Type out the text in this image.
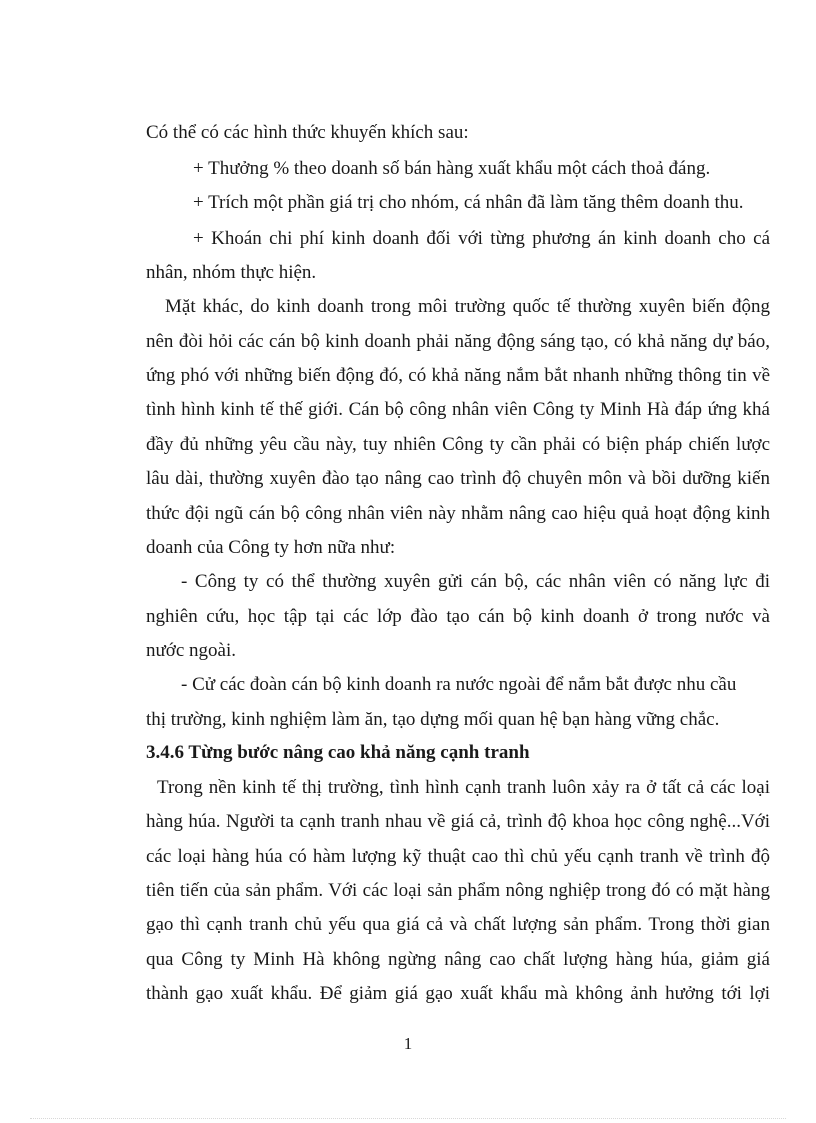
Có thể có các hình thức khuyến khích sau:
+ Thưởng % theo doanh số bán hàng xuất khẩu một cách thoả đáng.
+ Trích một phần giá trị cho nhóm, cá nhân đã làm tăng thêm doanh thu.
+ Khoán chi phí kinh doanh đối với từng phương án kinh doanh cho cá
nhân, nhóm thực hiện.
Mặt khác, do kinh doanh trong môi trường quốc tế thường xuyên biến động
nên đòi hỏi các cán bộ kinh doanh phải năng động sáng tạo, có khả năng dự báo,
ứng phó với những biến động đó, có khả năng nắm bắt nhanh những thông tin về
tình hình kinh tế thế giới. Cán bộ công nhân viên Công ty Minh Hà đáp ứng khá
đầy đủ những yêu cầu này, tuy nhiên Công ty cần phải có biện pháp chiến lược
lâu dài, thường xuyên đào tạo nâng cao trình độ chuyên môn và bồi dưỡng kiến
thức đội ngũ cán bộ công nhân viên này nhằm nâng cao hiệu quả hoạt động kinh
doanh của Công ty hơn nữa như:
- Công ty có thể thường xuyên gửi cán bộ, các nhân viên có năng lực đi
nghiên cứu, học tập tại các lớp đào tạo cán bộ kinh doanh ở trong nước và
nước ngoài.
- Cử các đoàn cán bộ kinh doanh ra nước ngoài để nắm bắt được nhu cầu
thị trường, kinh nghiệm làm ăn, tạo dựng mối quan hệ bạn hàng vững chắc.
3.4.6 Từng bước nâng cao khả năng cạnh tranh
Trong nền kinh tế thị trường, tình hình cạnh tranh luôn xảy ra ở tất cả các loại
hàng húa. Người ta cạnh tranh nhau về giá cả, trình độ khoa học công nghệ...Với
các loại hàng húa có hàm lượng kỹ thuật cao thì chủ yếu cạnh tranh về trình độ
tiên tiến của sản phẩm. Với các loại sản phẩm nông nghiệp trong đó có mặt hàng
gạo thì cạnh tranh chủ yếu qua giá cả và chất lượng sản phẩm. Trong thời gian
qua Công ty Minh Hà không ngừng nâng cao chất lượng hàng húa, giảm giá
thành gạo xuất khẩu. Để giảm giá gạo xuất khẩu mà không ảnh hưởng tới lợi
1
